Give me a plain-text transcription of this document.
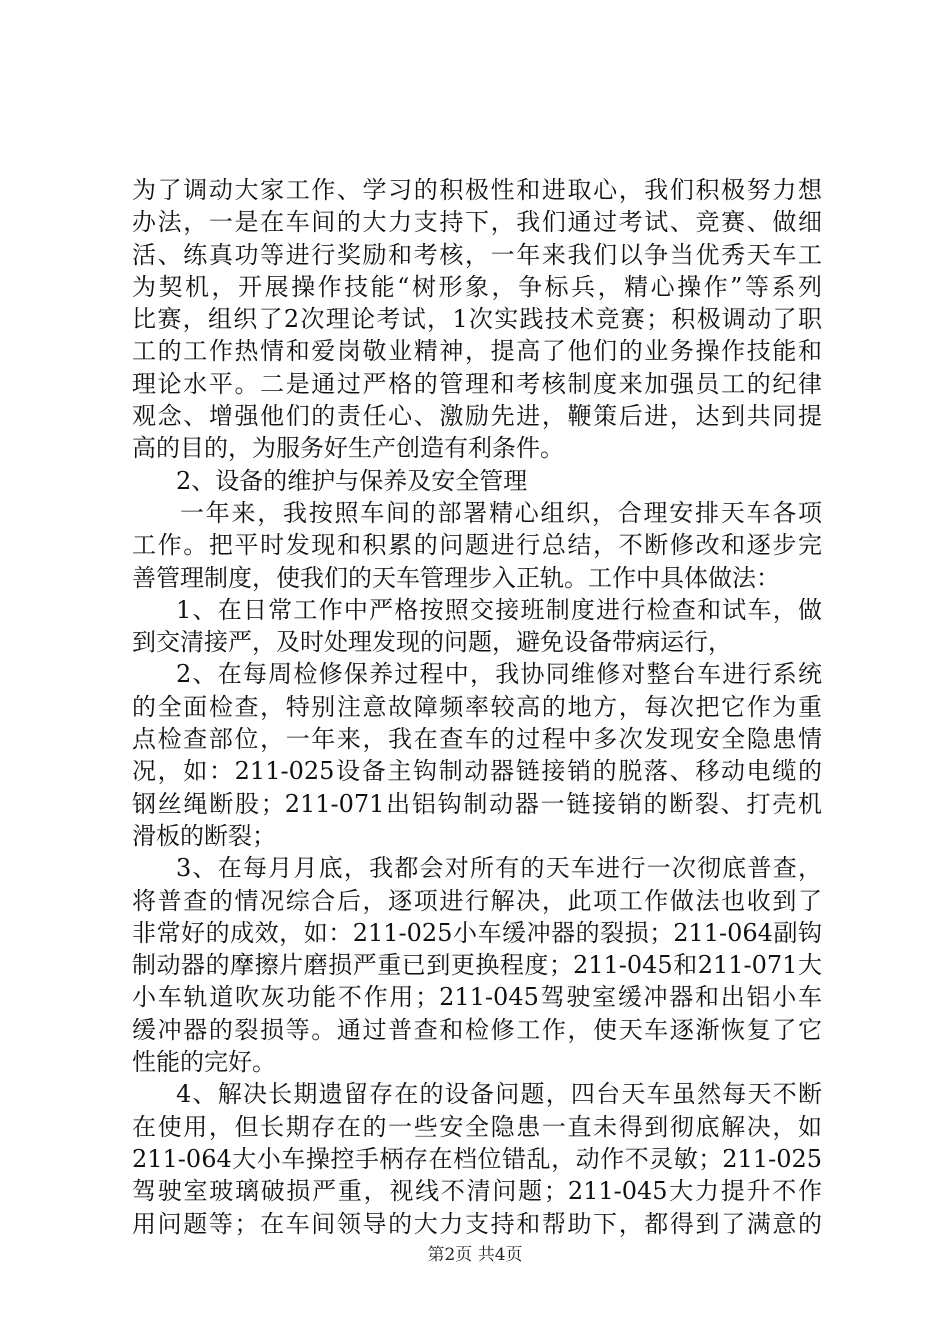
为了调动大家工作、学习的积极性和进取心，我们积极努力想
办法，一是在车间的大力支持下，我们通过考试、竞赛、做细
活、练真功等进行奖励和考核，一年来我们以争当优秀天车工
为契机，开展操作技能“树形象，争标兵，精心操作”等系列
比赛，组织了2次理论考试，1次实践技术竞赛；积极调动了职
工的工作热情和爱岗敬业精神，提高了他们的业务操作技能和
理论水平。二是通过严格的管理和考核制度来加强员工的纪律
观念、增强他们的责任心、激励先进，鞭策后进，达到共同提
高的目的，为服务好生产创造有利条件。
2、设备的维护与保养及安全管理
一年来，我按照车间的部署精心组织，合理安排天车各项
工作。把平时发现和积累的问题进行总结，不断修改和逐步完
善管理制度，使我们的天车管理步入正轨。工作中具体做法：
1、在日常工作中严格按照交接班制度进行检查和试车，做
到交清接严，及时处理发现的问题，避免设备带病运行，
2、在每周检修保养过程中，我协同维修对整台车进行系统
的全面检查，特别注意故障频率较高的地方，每次把它作为重
点检查部位，一年来，我在查车的过程中多次发现安全隐患情
况，如：211-025设备主钩制动器链接销的脱落、移动电缆的
钢丝绳断股；211-071出铝钩制动器一链接销的断裂、打壳机
滑板的断裂；
3、在每月月底，我都会对所有的天车进行一次彻底普查，
将普查的情况综合后，逐项进行解决，此项工作做法也收到了
非常好的成效，如：211-025小车缓冲器的裂损；211-064副钩
制动器的摩擦片磨损严重已到更换程度；211-045和211-071大
小车轨道吹灰功能不作用；211-045驾驶室缓冲器和出铝小车
缓冲器的裂损等。通过普查和检修工作，使天车逐渐恢复了它
性能的完好。
4、解决长期遗留存在的设备问题，四台天车虽然每天不断
在使用，但长期存在的一些安全隐患一直未得到彻底解决，如
211-064大小车操控手柄存在档位错乱，动作不灵敏；211-025
驾驶室玻璃破损严重，视线不清问题；211-045大力提升不作
用问题等；在车间领导的大力支持和帮助下，都得到了满意的
第2页 共4页
